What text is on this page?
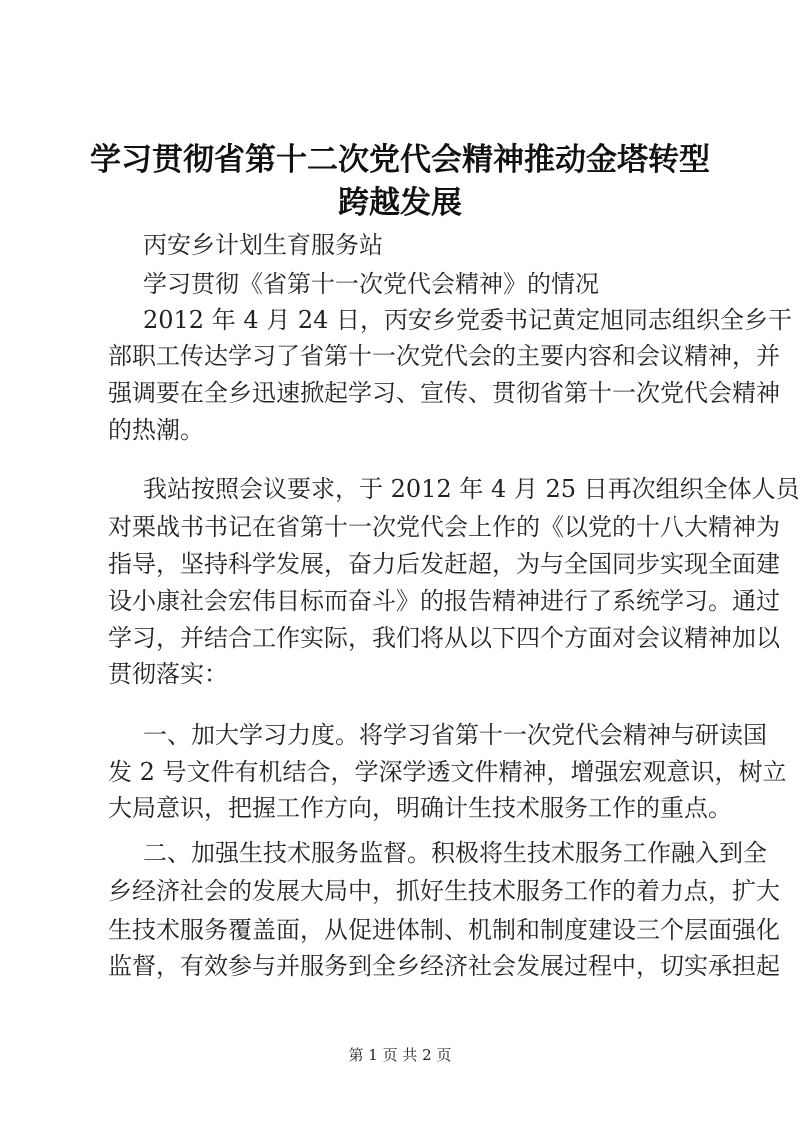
学习贯彻省第十二次党代会精神推动金塔转型
跨越发展
丙安乡计划生育服务站
学习贯彻《省第十一次党代会精神》的情况
2012 年 4 月 24 日，丙安乡党委书记黄定旭同志组织全乡干
部职工传达学习了省第十一次党代会的主要内容和会议精神，并
强调要在全乡迅速掀起学习、宣传、贯彻省第十一次党代会精神
的热潮。
我站按照会议要求，于 2012 年 4 月 25 日再次组织全体人员
对栗战书书记在省第十一次党代会上作的《以党的十八大精神为
指导，坚持科学发展，奋力后发赶超，为与全国同步实现全面建
设小康社会宏伟目标而奋斗》的报告精神进行了系统学习。通过
学习，并结合工作实际，我们将从以下四个方面对会议精神加以
贯彻落实：
一、加大学习力度。将学习省第十一次党代会精神与研读国
发 2 号文件有机结合，学深学透文件精神，增强宏观意识，树立
大局意识，把握工作方向，明确计生技术服务工作的重点。
二、加强生技术服务监督。积极将生技术服务工作融入到全
乡经济社会的发展大局中，抓好生技术服务工作的着力点，扩大
生技术服务覆盖面，从促进体制、机制和制度建设三个层面强化
监督，有效参与并服务到全乡经济社会发展过程中，切实承担起
第 1 页 共 2 页
